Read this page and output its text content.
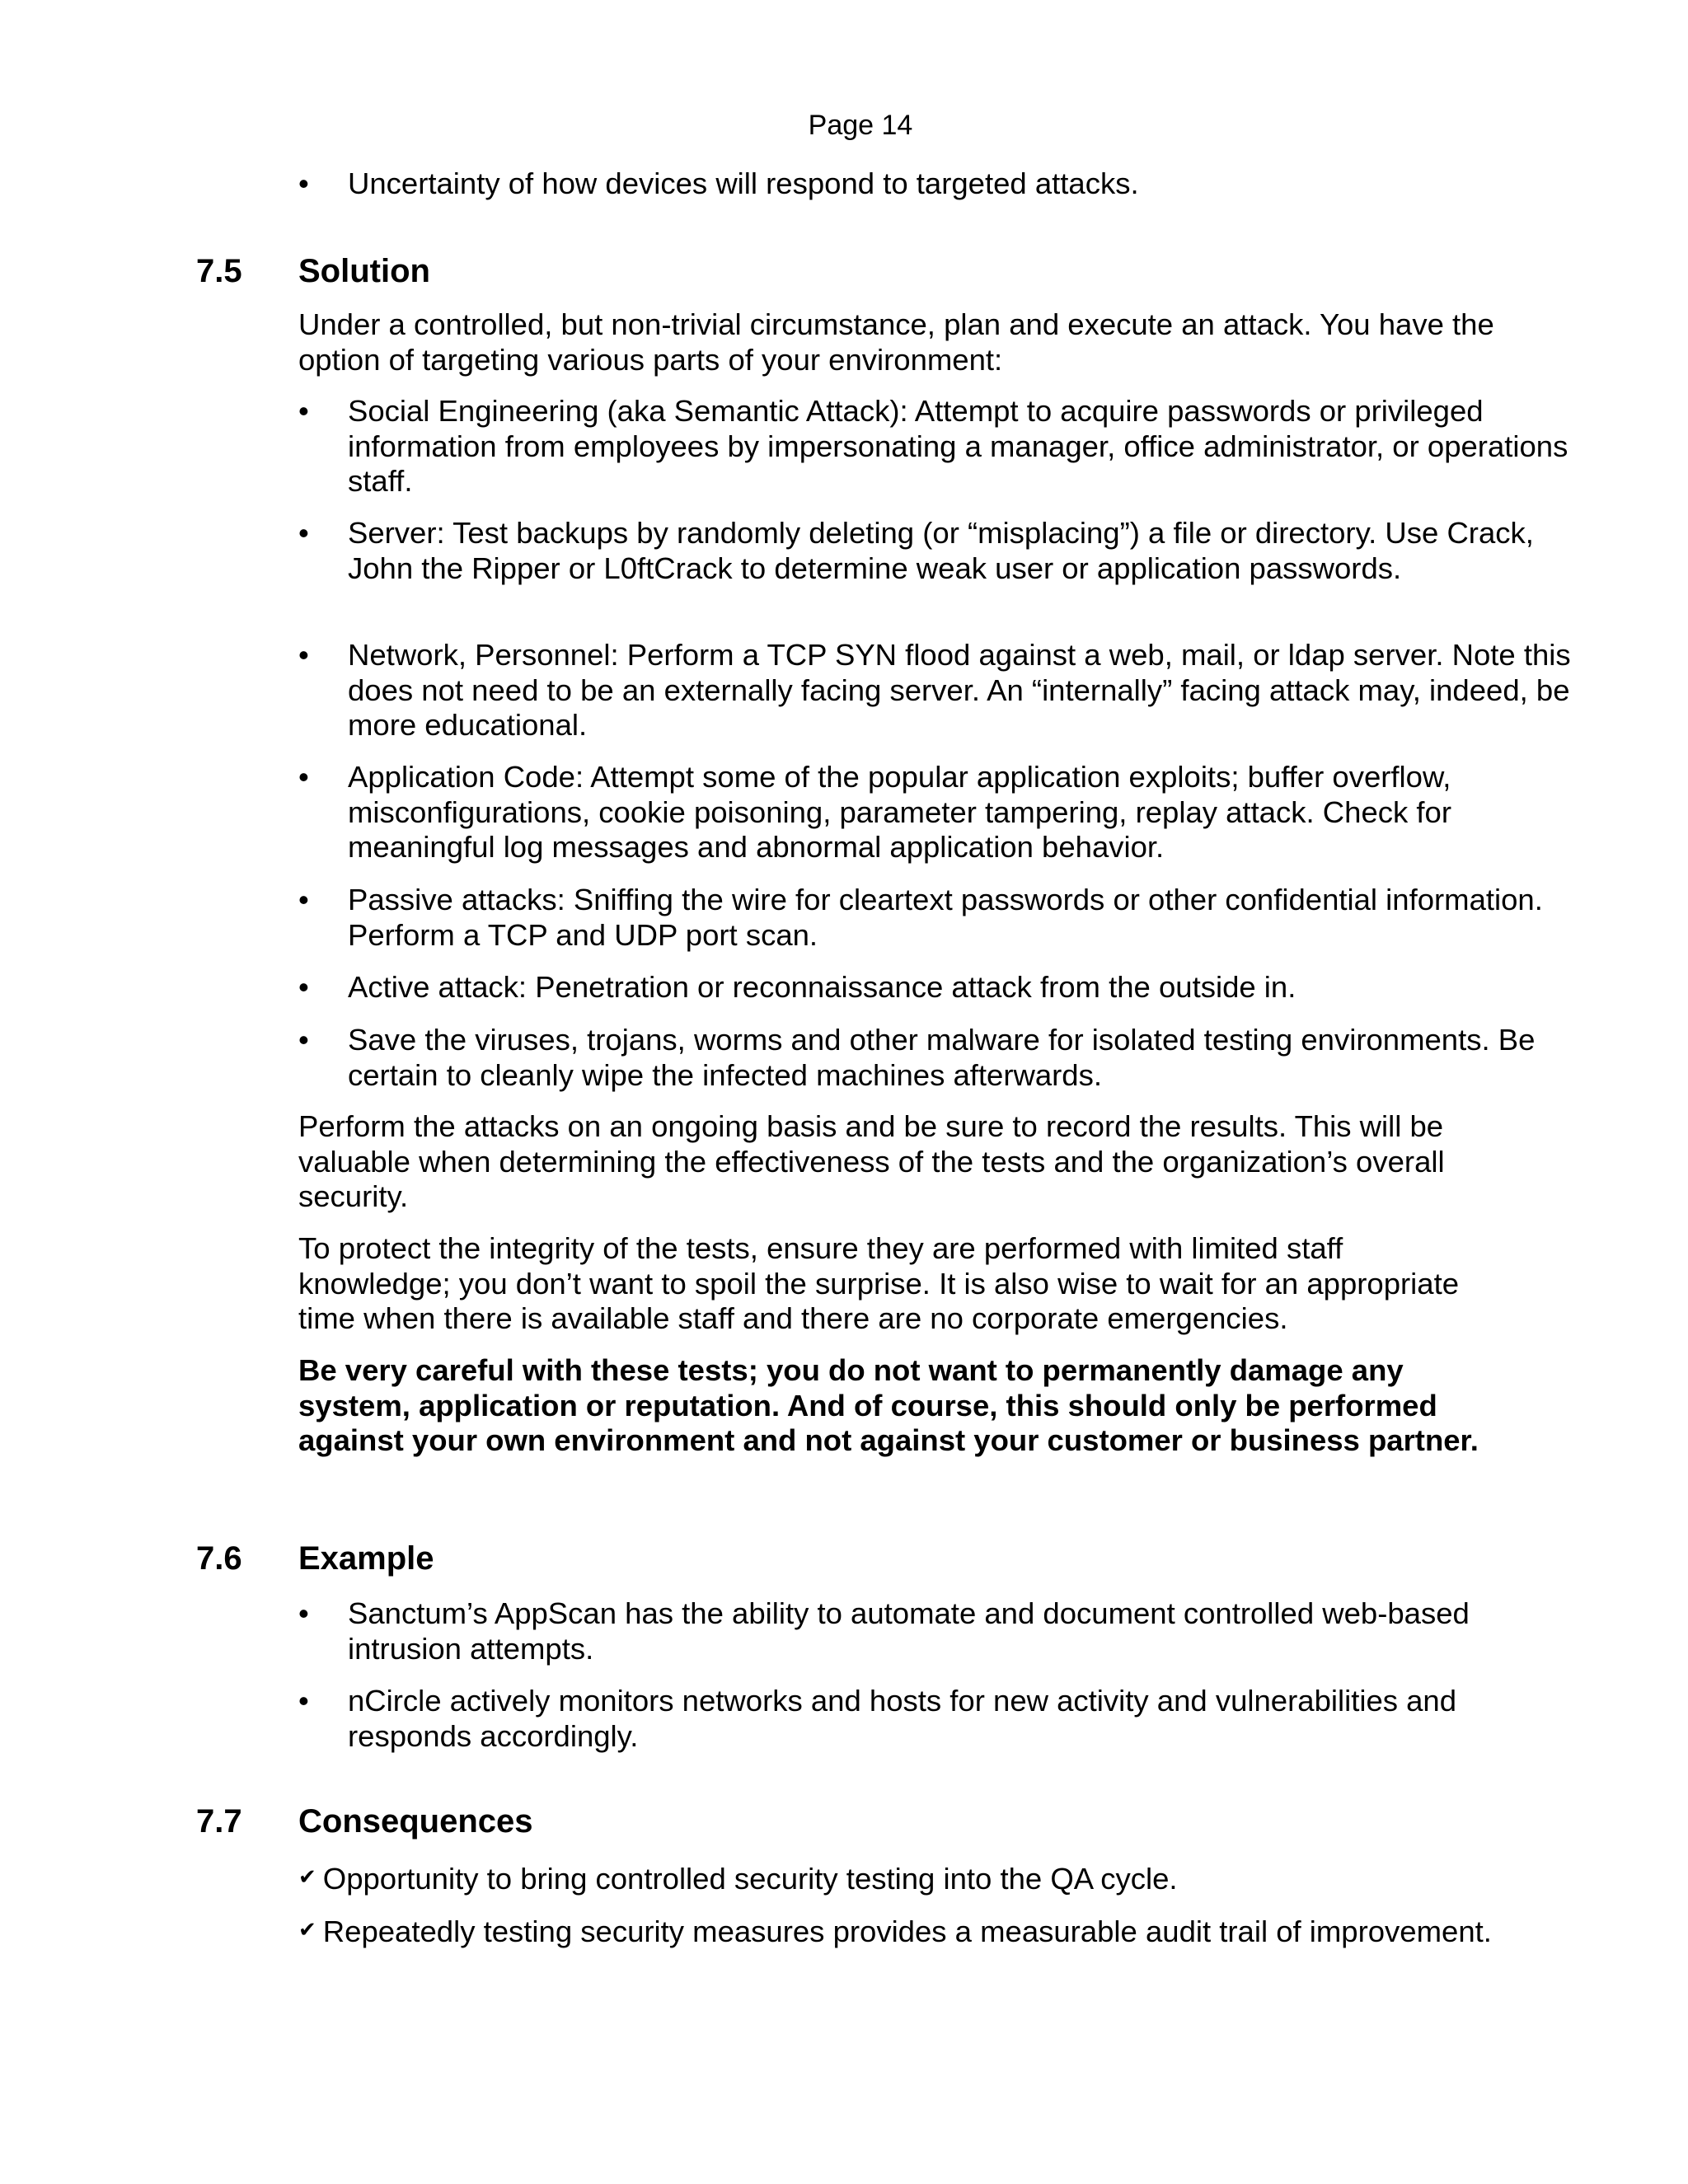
Page 14
•	Uncertainty of how devices will respond to targeted attacks.
7.5 Solution
Under a controlled, but non-trivial circumstance, plan and execute an attack. You have the option of targeting various parts of your environment:
•	Social Engineering (aka Semantic Attack): Attempt to acquire passwords or privileged information from employees by impersonating a manager, office administrator, or operations staff.
•	Server: Test backups by randomly deleting (or “misplacing”) a file or directory. Use Crack, John the Ripper or L0ftCrack to determine weak user or application passwords.
•	Network, Personnel: Perform a TCP SYN flood against a web, mail, or ldap server. Note this does not need to be an externally facing server. An “internally” facing attack may, indeed, be more educational.
•	Application Code: Attempt some of the popular application exploits; buffer overflow, misconfigurations, cookie poisoning, parameter tampering, replay attack. Check for meaningful log messages and abnormal application behavior.
•	Passive attacks: Sniffing the wire for cleartext passwords or other confidential information. Perform a TCP and UDP port scan.
•	Active attack: Penetration or reconnaissance attack from the outside in.
•	Save the viruses, trojans, worms and other malware for isolated testing environments. Be certain to cleanly wipe the infected machines afterwards.
Perform the attacks on an ongoing basis and be sure to record the results. This will be valuable when determining the effectiveness of the tests and the organization’s overall security.
To protect the integrity of the tests, ensure they are performed with limited staff knowledge; you don’t want to spoil the surprise. It is also wise to wait for an appropriate time when there is available staff and there are no corporate emergencies.
Be very careful with these tests; you do not want to permanently damage any system, application or reputation. And of course, this should only be performed against your own environment and not against your customer or business partner.
7.6 Example
•	Sanctum’s AppScan has the ability to automate and document controlled web-based intrusion attempts.
•	nCircle actively monitors networks and hosts for new activity and vulnerabilities and responds accordingly.
7.7 Consequences
✔ Opportunity to bring controlled security testing into the QA cycle.
✔ Repeatedly testing security measures provides a measurable audit trail of improvement.
